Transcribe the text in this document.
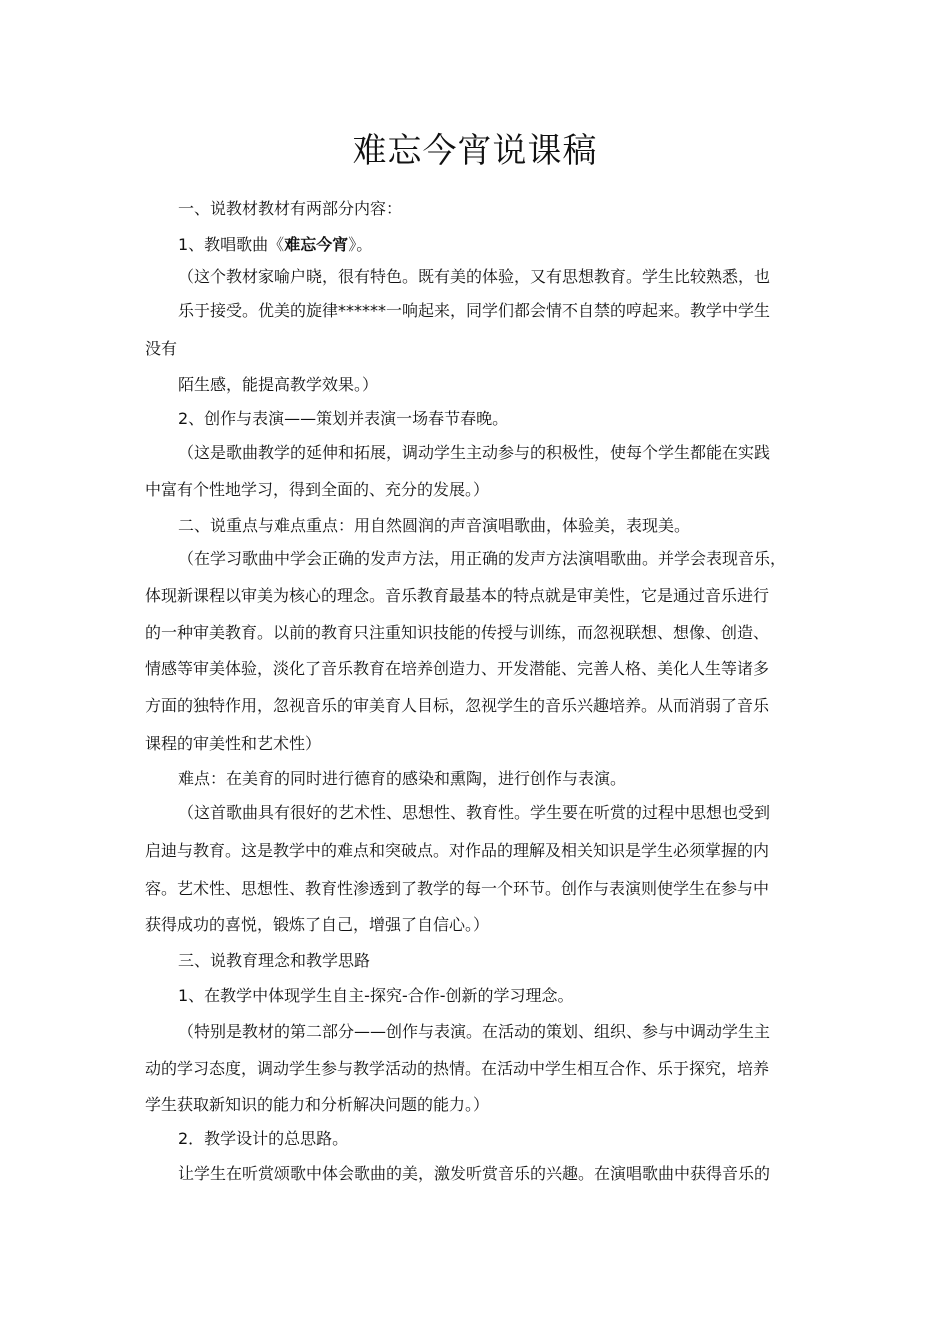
难忘今宵说课稿
一、说教材教材有两部分内容：
1、教唱歌曲《难忘今宵》。
（这个教材家喻户晓，很有特色。既有美的体验，又有思想教育。学生比较熟悉，也
乐于接受。优美的旋律******一响起来，同学们都会情不自禁的哼起来。教学中学生
没有
陌生感，能提高教学效果。）
2、创作与表演——策划并表演一场春节春晚。
（这是歌曲教学的延伸和拓展，调动学生主动参与的积极性，使每个学生都能在实践
中富有个性地学习，得到全面的、充分的发展。）
二、说重点与难点重点：用自然圆润的声音演唱歌曲，体验美，表现美。
（在学习歌曲中学会正确的发声方法，用正确的发声方法演唱歌曲。并学会表现音乐，
体现新课程以审美为核心的理念。音乐教育最基本的特点就是审美性，它是通过音乐进行
的一种审美教育。以前的教育只注重知识技能的传授与训练，而忽视联想、想像、创造、
情感等审美体验，淡化了音乐教育在培养创造力、开发潜能、完善人格、美化人生等诸多
方面的独特作用，忽视音乐的审美育人目标，忽视学生的音乐兴趣培养。从而消弱了音乐
课程的审美性和艺术性）
难点：在美育的同时进行德育的感染和熏陶，进行创作与表演。
（这首歌曲具有很好的艺术性、思想性、教育性。学生要在听赏的过程中思想也受到
启迪与教育。这是教学中的难点和突破点。对作品的理解及相关知识是学生必须掌握的内
容。艺术性、思想性、教育性渗透到了教学的每一个环节。创作与表演则使学生在参与中
获得成功的喜悦，锻炼了自己，增强了自信心。）
三、说教育理念和教学思路
1、在教学中体现学生自主-探究-合作-创新的学习理念。
（特别是教材的第二部分——创作与表演。在活动的策划、组织、参与中调动学生主
动的学习态度，调动学生参与教学活动的热情。在活动中学生相互合作、乐于探究，培养
学生获取新知识的能力和分析解决问题的能力。）
2．教学设计的总思路。
让学生在听赏颂歌中体会歌曲的美，激发听赏音乐的兴趣。在演唱歌曲中获得音乐的
